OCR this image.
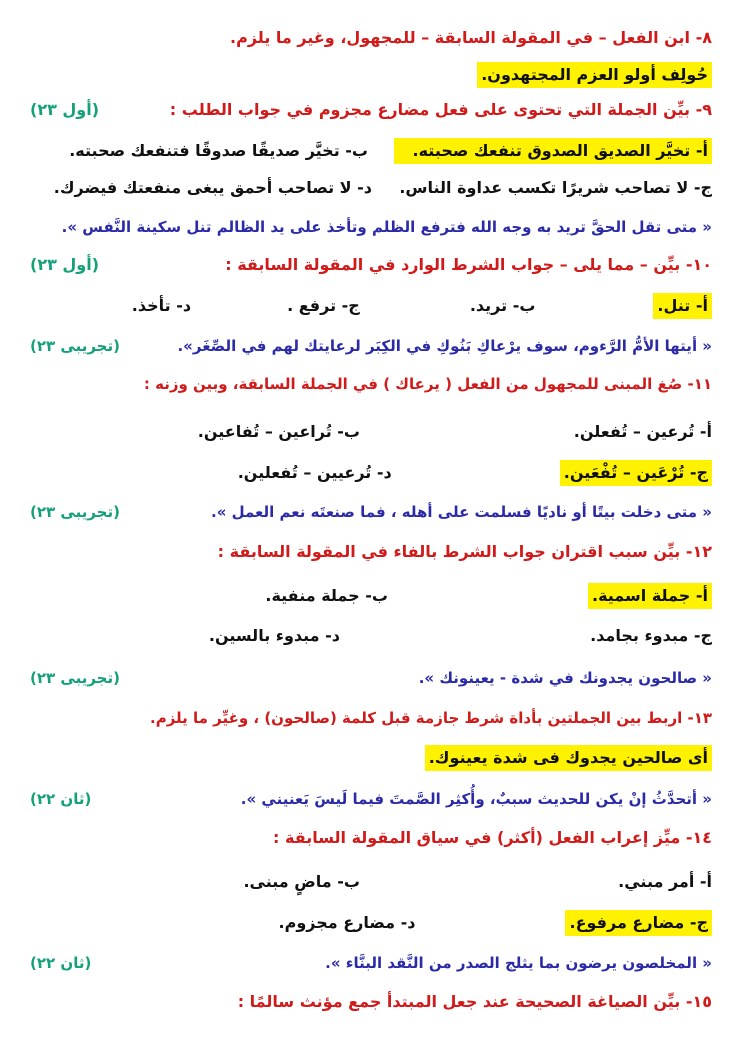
٨- ابن الفعل – في المقولة السابقة – للمجهول، وغير ما يلزم.
حُولِف أولو العزم المجتهدون.
٩- بيِّن الجملة التي تحتوى على فعل مضارع مجزوم في جواب الطلب :
(أول ٢٣)
أ- تخيَّر الصديق الصدوق تنفعك صحبته.
ب- تخيَّر صديقًا صدوقًا فتنفعك صحبته.
ج- لا تصاحب شريرًا تكسب عداوة الناس.
د- لا تصاحب أحمق يبغى منفعتك فيضرك.
« متى تقل الحقَّ تريد به وجه الله فترفع الظلم وتأخذ على يد الظالم تنل سكينة النَّفس ».
١٠- بيِّن – مما يلى – جواب الشرط الوارد في المقولة السابقة :
(أول ٢٣)
أ- تنل.
ب- تريد.
ج- ترفع .
د- تأخذ.
« أيتها الأمُّ الرَّءوم، سوف يرْعاكِ بَنُوكِ في الكِبَر لرعايتك لهم في الصِّغَر».
(تجريبى ٢٣)
١١- صُغ المبنى للمجهول من الفعل ( يرعاك ) في الجملة السابقة، وبين وزنه :
أ- تُرعين – تُفعلن.
ب- تُراعين – تُفاعين.
ج- تُرْعَين – تُفْعَين.
د- تُرعيين – تُفعلين.
« متى دخلت بيتًا أو ناديًا فسلمت على أهله ، فما صنعتَه نعم العمل ».
(تجريبى ٢٣)
١٢- بيِّن سبب اقتران جواب الشرط بالفاء في المقولة السابقة :
أ- جملة اسمية.
ب- جملة منفية.
ج- مبدوء بجامد.
د- مبدوء بالسين.
« صالحون يجدونك في شدة - يعينونك ».
(تجريبى ٢٣)
١٣- اربط بين الجملتين بأداة شرط جازمة قبل كلمة (صالحون) ، وغيِّر ما يلزم.
أى صالحين يجدوك فى شدة يعينوك.
« أتحدَّثُ إنْ يكن للحديث سببٌ، وأُكثِر الصَّمتَ فيما لَيسَ يَعنيني ».
(ثان ٢٢)
١٤- ميِّز إعراب الفعل (أكثر) في سياق المقولة السابقة :
أ- أمر مبني.
ب- ماضٍ مبنى.
ج- مضارع مرفوع.
د- مضارع مجزوم.
« المخلصون يرضون بما يثلج الصدر من النَّقد البنَّاء ».
(ثان ٢٢)
١٥- بيِّن الصياغة الصحيحة عند جعل المبتدأ جمع مؤنث سالمًا :
